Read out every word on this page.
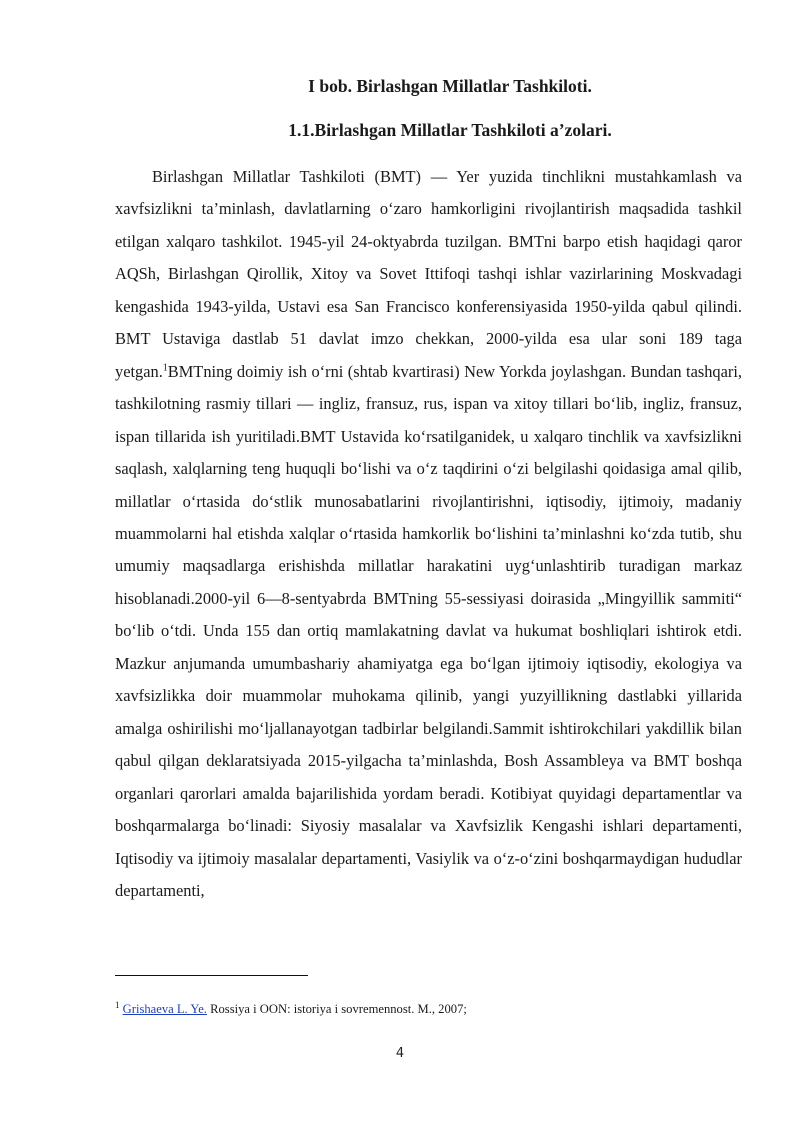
I bob. Birlashgan Millatlar Tashkiloti.
1.1.Birlashgan Millatlar Tashkiloti a’zolari.

Birlashgan Millatlar Tashkiloti (BMT) — Yer yuzida tinchlikni mustahkamlash va xavfsizlikni ta’minlash, davlatlarning o‘zaro hamkorligini rivojlantirish maqsadida tashkil etilgan xalqaro tashkilot. 1945-yil 24-oktyabrda tuzilgan. BMTni barpo etish haqidagi qaror AQSh, Birlashgan Qirollik, Xitoy va Sovet Ittifoqi tashqi ishlar vazirlarining Moskvadagi kengashida 1943-yilda, Ustavi esa San Francisco konferensiyasida 1950-yilda qabul qilindi. BMT Ustaviga dastlab 51 davlat imzo chekkan, 2000-yilda esa ular soni 189 taga yetgan.$^1$BMTning doimiy ish o‘rni (shtab kvartirasi) New Yorkda joylashgan. Bundan tashqari, tashkilotning rasmiy tillari — ingliz, fransuz, rus, ispan va xitoy tillari bo‘lib, ingliz, fransuz, ispan tillarida ish yuritiladi.BMT Ustavida ko‘rsatilganidek, u xalqaro tinchlik va xavfsizlikni saqlash, xalqlarning teng huquqli bo‘lishi va o‘z taqdirini o‘zi belgilashi qoidasiga amal qilib, millatlar o‘rtasida do‘stlik munosabatlarini rivojlantirishni, iqtisodiy, ijtimoiy, madaniy muammolarni hal etishda xalqlar o‘rtasida hamkorlik bo‘lishini ta’minlashni ko‘zda tutib, shu umumiy maqsadlarga erishishda millatlar harakatini uyg‘unlashtirib turadigan markaz hisoblanadi.2000-yil 6—8-sentyabrda BMTning 55-sessiyasi doirasida „Mingyillik sammiti“ bo‘lib o‘tdi. Unda 155 dan ortiq mamlakatning davlat va hukumat boshliqlari ishtirok etdi. Mazkur anjumanda umumbashariy ahamiyatga ega bo‘lgan ijtimoiy iqtisodiy, ekologiya va xavfsizlikka doir muammolar muhokama qilinib, yangi yuzyillikning dastlabki yillarida amalga oshirilishi mo‘ljallanayotgan tadbirlar belgilandi.Sammit ishtirokchilari yakdillik bilan qabul qilgan deklaratsiyada 2015-yilgacha ta’minlashda, Bosh Assambleya va BMT boshqa organlari qarorlari amalda bajarilishida yordam beradi. Kotibiyat quyidagi departamentlar va boshqarmalarga bo‘linadi: Siyosiy masalalar va Xavfsizlik Kengashi ishlari departamenti, Iqtisodiy va ijtimoiy masalalar departamenti, Vasiylik va o‘z-o‘zini boshqarmaydigan hududlar departamenti,

$^1$ Grishaeva L. Ye. Rossiya i OON: istoriya i sovremennost. M., 2007;
4
